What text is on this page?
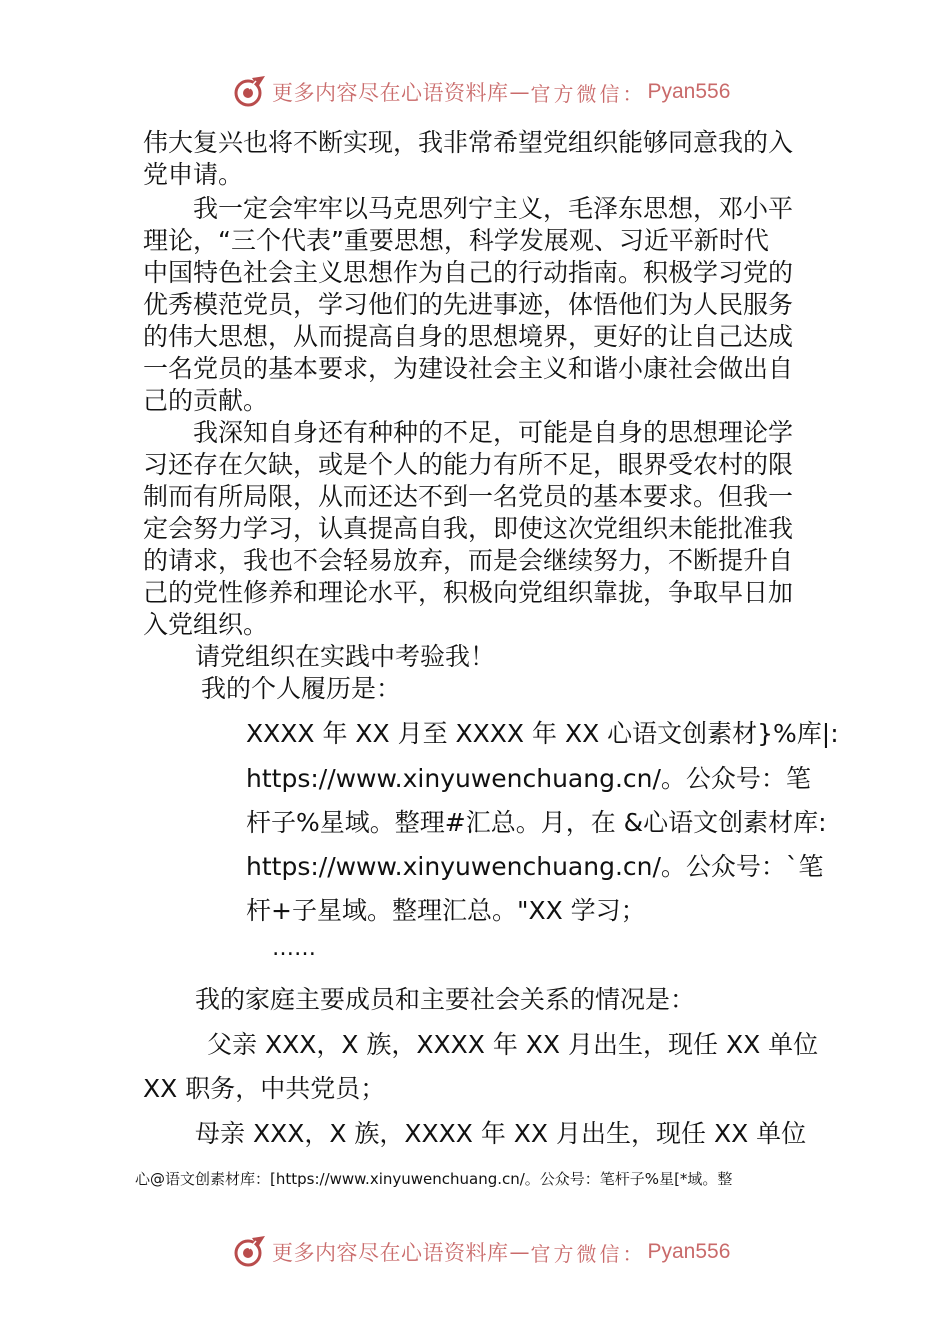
更多内容尽在心语资料库 — 官方微信： Pyan556
伟大复兴也将不断实现，我非常希望党组织能够同意我的入
党申请。
　　我一定会牢牢以马克思列宁主义，毛泽东思想，邓小平
理论，“三个代表”重要思想，科学发展观、习近平新时代
中国特色社会主义思想作为自己的行动指南。积极学习党的
优秀模范党员，学习他们的先进事迹，体悟他们为人民服务
的伟大思想，从而提高自身的思想境界，更好的让自己达成
一名党员的基本要求，为建设社会主义和谐小康社会做出自
己的贡献。
　　我深知自身还有种种的不足，可能是自身的思想理论学
习还存在欠缺，或是个人的能力有所不足，眼界受农村的限
制而有所局限，从而还达不到一名党员的基本要求。但我一
定会努力学习，认真提高自我，即使这次党组织未能批准我
的请求，我也不会轻易放弃，而是会继续努力，不断提升自
己的党性修养和理论水平，积极向党组织靠拢，争取早日加
入党组织。
请党组织在实践中考验我！
我的个人履历是：
XXXX 年 XX 月至 XXXX 年 XX 心语文创素材}%库|:
https://www.xinyuwenchuang.cn/。公众号：笔
杆子%星域。整理#汇总。月，在 &心语文创素材库:
https://www.xinyuwenchuang.cn/。公众号：`笔
杆+子星域。整理汇总。"XX 学习；
……
我的家庭主要成员和主要社会关系的情况是：
父亲 XXX，X 族，XXXX 年 XX 月出生，现任 XX 单位
XX 职务，中共党员；
母亲 XXX，X 族，XXXX 年 XX 月出生，现任 XX 单位
心@语文创素材库：[https://www.xinyuwenchuang.cn/。公众号：笔杆子%星[*域。整
更多内容尽在心语资料库 — 官方微信： Pyan556
